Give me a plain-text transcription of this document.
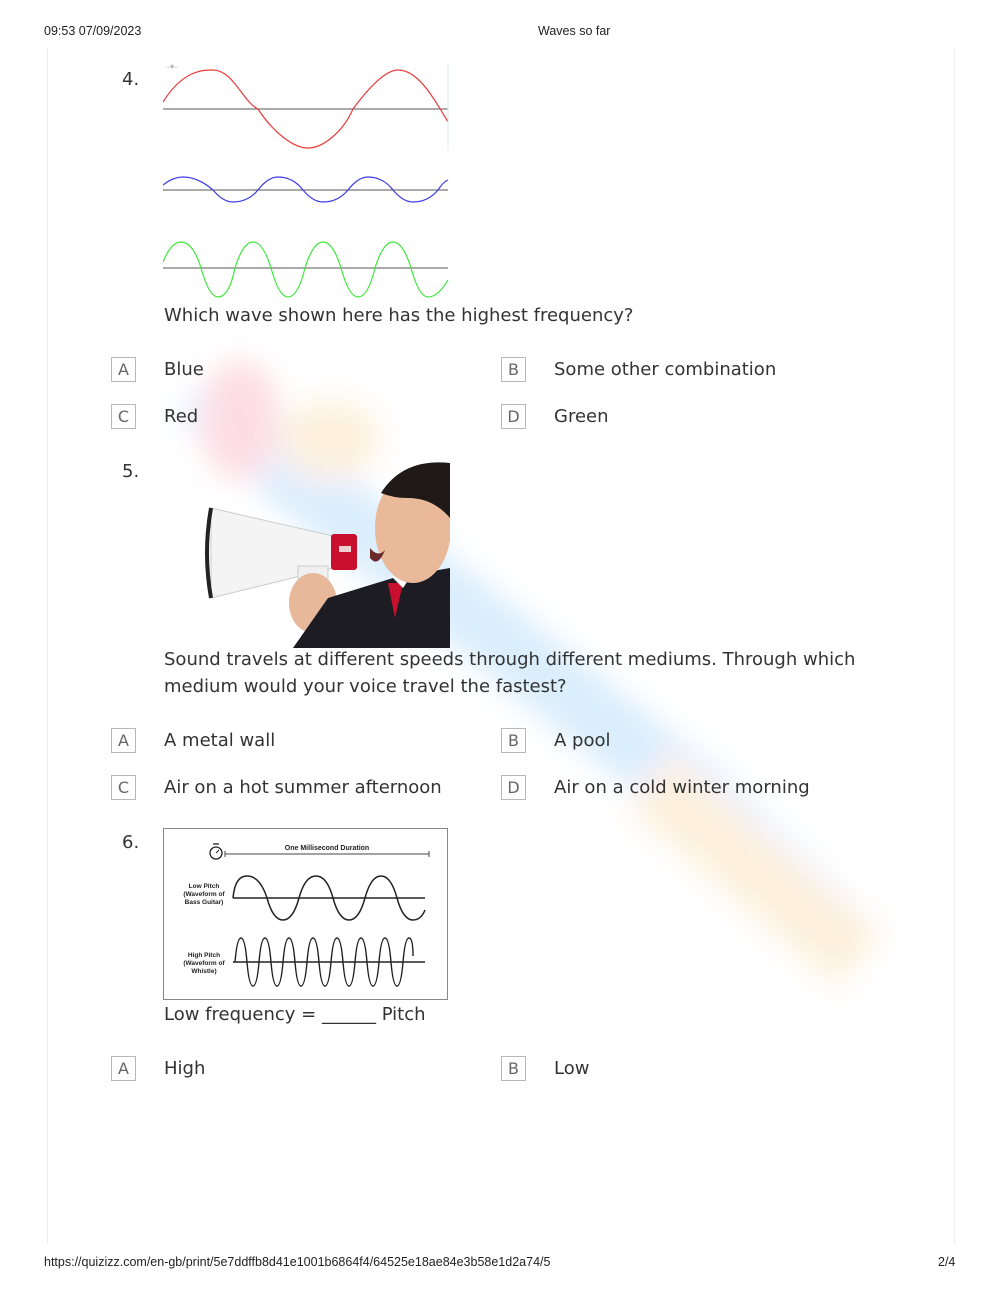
09:53 07/09/2023	Waves so far
4.
↔⊕↔
Which wave shown here has the highest frequency?
A	Blue	B	Some other combination
C	Red	D	Green
5.
Sound travels at different speeds through different mediums. Through which medium would your voice travel the fastest?
A	A metal wall	B	A pool
C	Air on a hot summer afternoon	D	Air on a cold winter morning
6.	One Millisecond Duration
Low Pitch
(Waveform of
Bass Guitar)
High Pitch
(Waveform of
Whistle)
Low frequency = ______ Pitch
A	High	B	Low
https://quizizz.com/en-gb/print/5e7ddffb8d41e1001b6864f4/64525e18ae84e3b58e1d2a74/5	2/4
